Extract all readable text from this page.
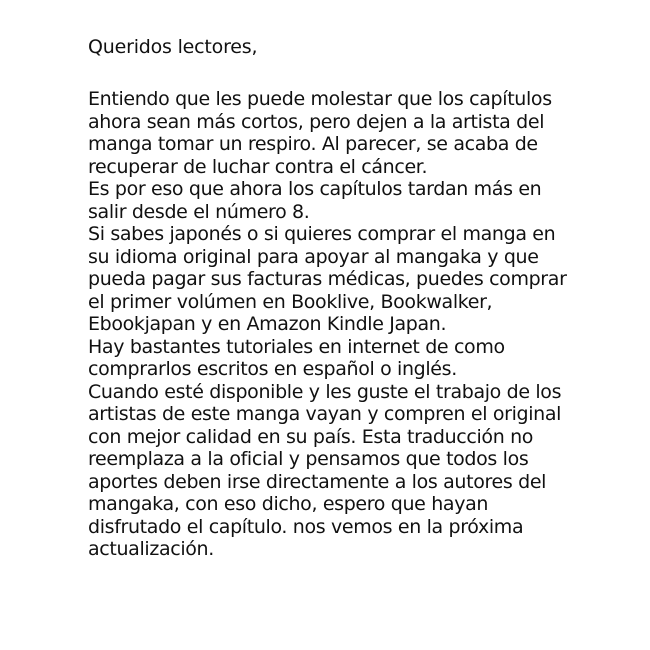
Queridos lectores,
Entiendo que les puede molestar que los capítulos
ahora sean más cortos, pero dejen a la artista del
manga tomar un respiro. Al parecer, se acaba de
recuperar de luchar contra el cáncer.
Es por eso que ahora los capítulos tardan más en
salir desde el número 8.
Si sabes japonés o si quieres comprar el manga en
su idioma original para apoyar al mangaka y que
pueda pagar sus facturas médicas, puedes comprar
el primer volúmen en Booklive, Bookwalker,
Ebookjapan y en Amazon Kindle Japan.
Hay bastantes tutoriales en internet de como
comprarlos escritos en español o inglés.
Cuando esté disponible y les guste el trabajo de los
artistas de este manga vayan y compren el original
con mejor calidad en su país. Esta traducción no
reemplaza a la oficial y pensamos que todos los
aportes deben irse directamente a los autores del
mangaka, con eso dicho, espero que hayan
disfrutado el capítulo. nos vemos en la próxima
actualización.
